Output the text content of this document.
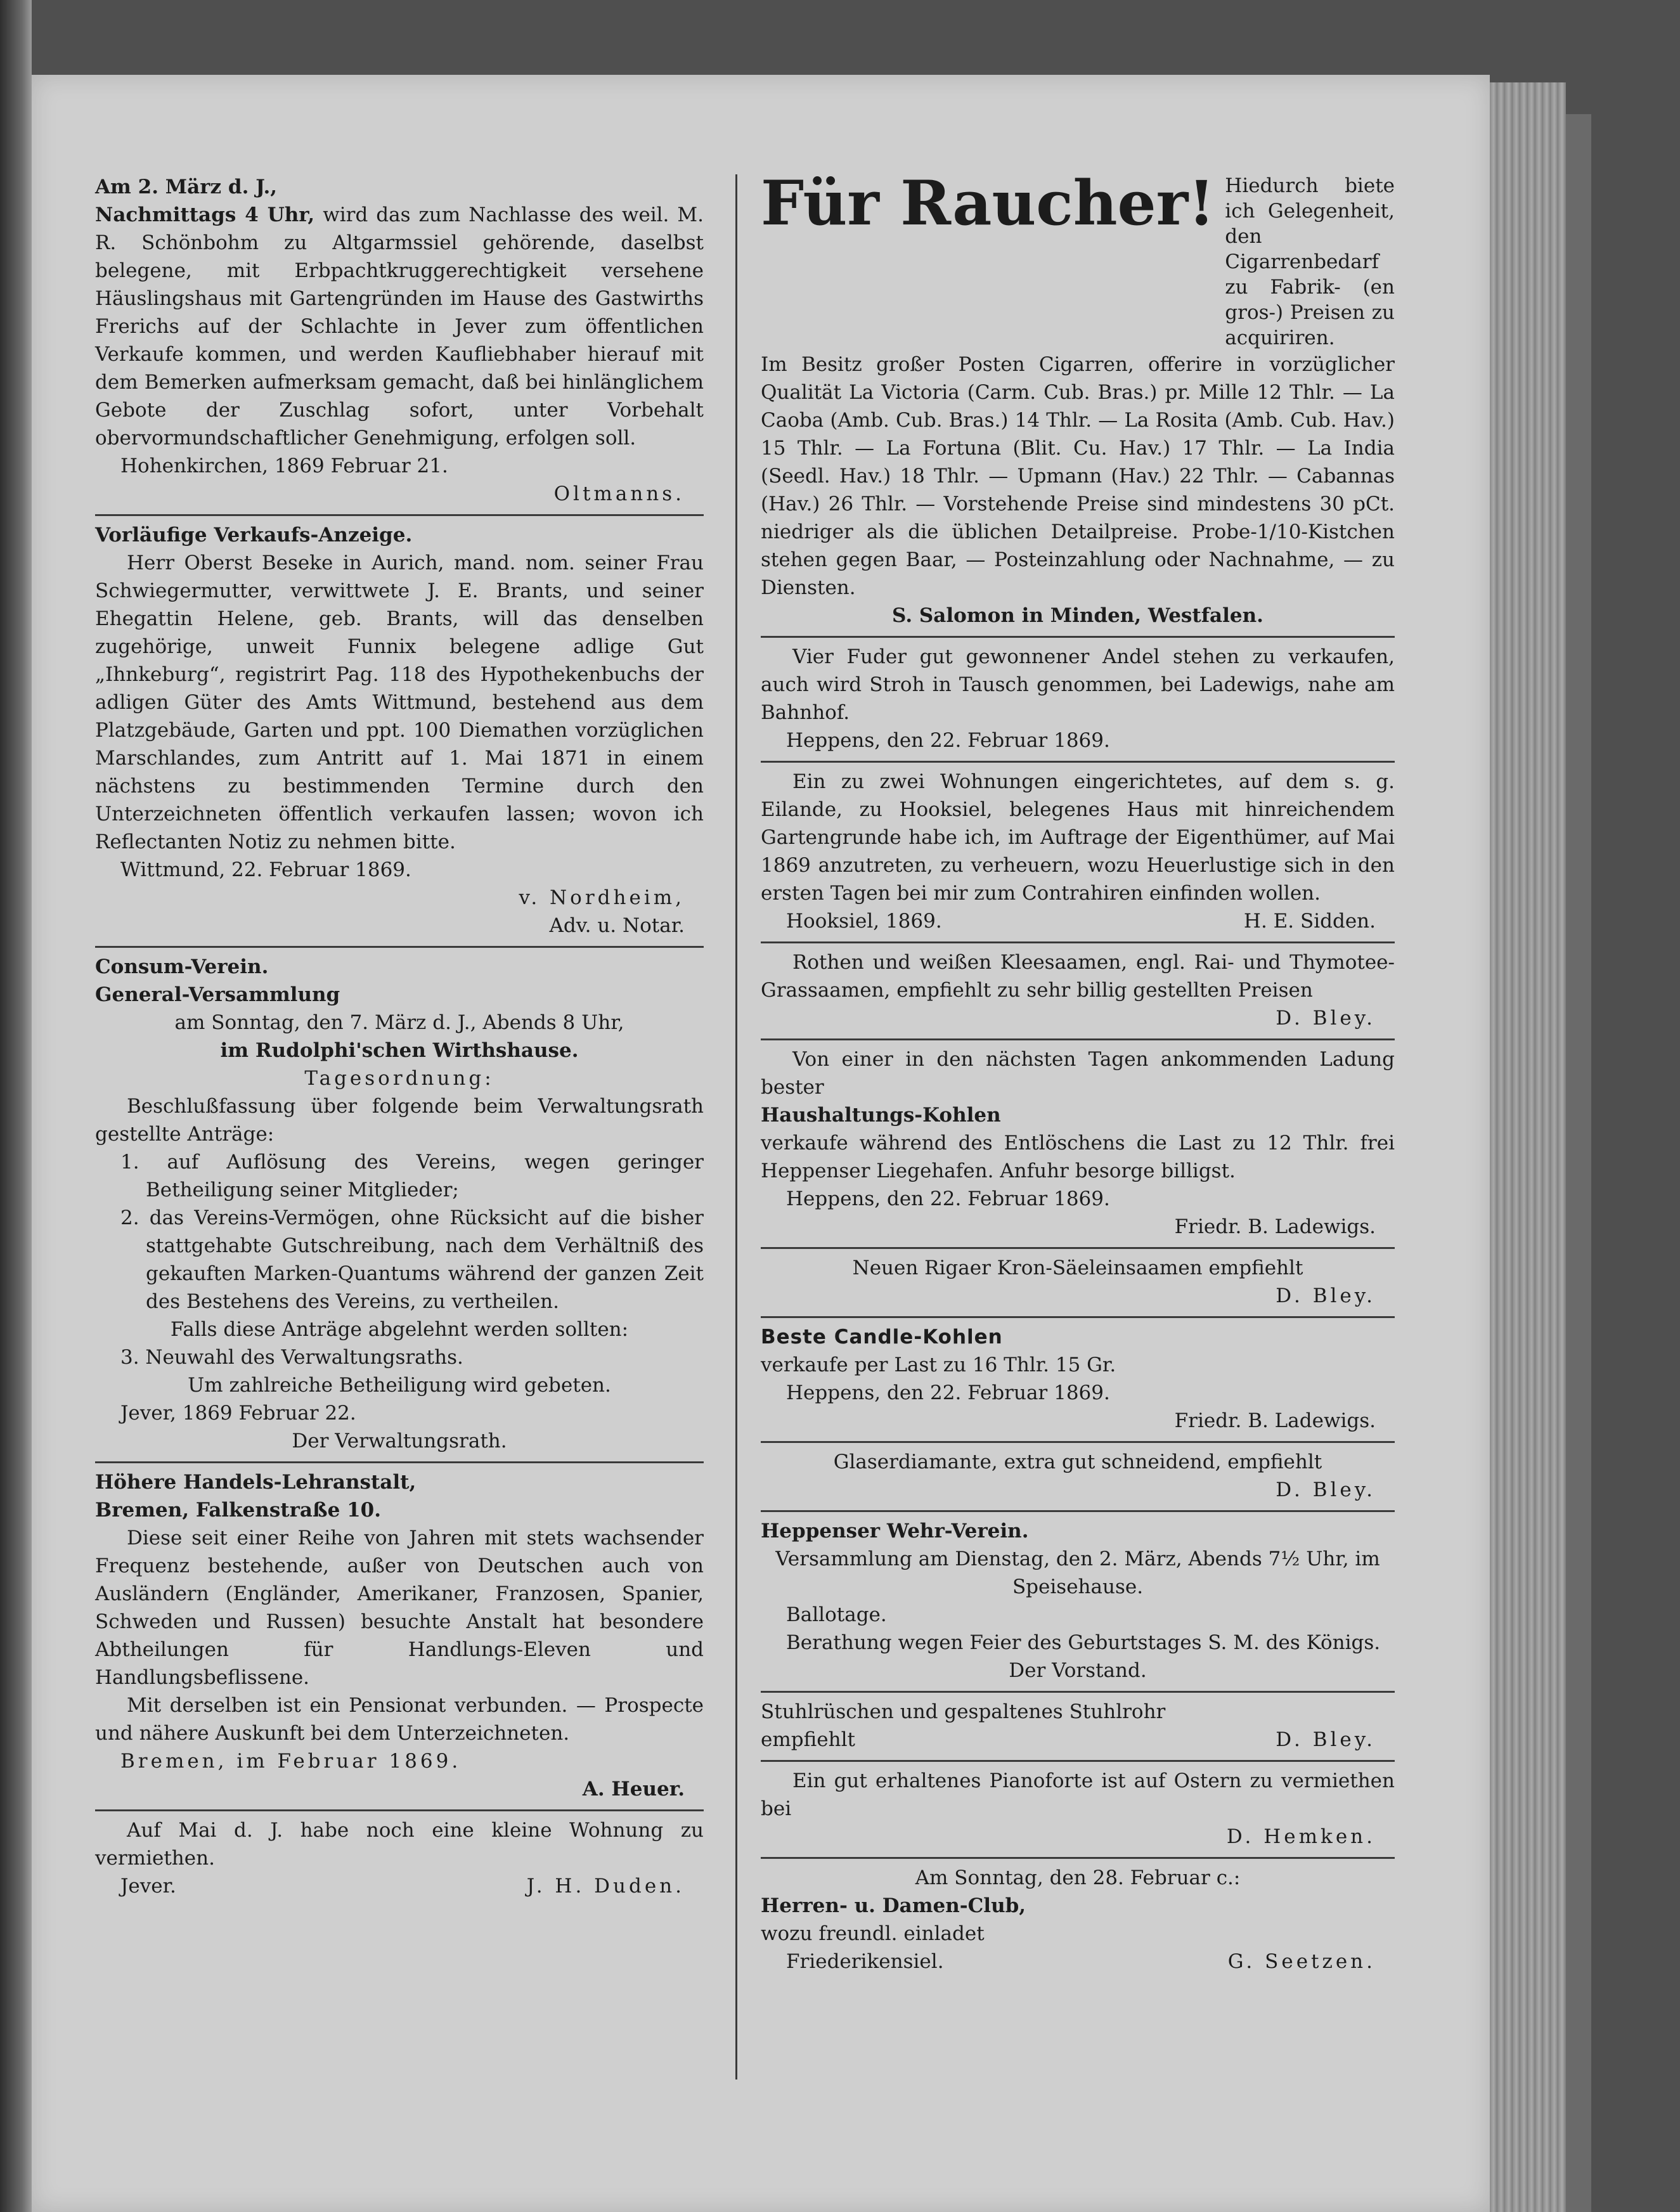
Am 2. März d. J.,

Nachmittags 4 Uhr, wird das zum Nachlasse des weil. M. R. Schönbohm zu Altgarmssiel gehörende, daselbst belegene, mit Erbpachtkruggerechtigkeit versehene Häuslingshaus mit Gartengründen im Hause des Gastwirths Frerichs auf der Schlachte in Jever zum öffentlichen Verkaufe kommen, und werden Kaufliebhaber hierauf mit dem Bemerken aufmerksam gemacht, daß bei hinlänglichem Gebote der Zuschlag sofort, unter Vorbehalt obervormundschaftlicher Genehmigung, erfolgen soll.

Hohenkirchen, 1869 Februar 21.

Oltmanns.

Vorläufige Verkaufs-Anzeige.

Herr Oberst Beseke in Aurich, mand. nom. seiner Frau Schwiegermutter, verwittwete J. E. Brants, und seiner Ehegattin Helene, geb. Brants, will das denselben zugehörige, unweit Funnix belegene adlige Gut „Ihnkeburg“, registrirt Pag. 118 des Hypothekenbuchs der adligen Güter des Amts Wittmund, bestehend aus dem Platzgebäude, Garten und ppt. 100 Diemathen vorzüglichen Marschlandes, zum Antritt auf 1. Mai 1871 in einem nächstens zu bestimmenden Termine durch den Unterzeichneten öffentlich verkaufen lassen; wovon ich Reflectanten Notiz zu nehmen bitte.

Wittmund, 22. Februar 1869.

v. Nordheim,

Adv. u. Notar.

Consum-Verein.

General-Versammlung

am Sonntag, den 7. März d. J., Abends 8 Uhr,

im Rudolphi'schen Wirthshause.

Tagesordnung:

Beschlußfassung über folgende beim Verwaltungsrath gestellte Anträge:

1. auf Auflösung des Vereins, wegen geringer Betheiligung seiner Mitglieder;

2. das Vereins-Vermögen, ohne Rücksicht auf die bisher stattgehabte Gutschreibung, nach dem Verhältniß des gekauften Marken-Quantums während der ganzen Zeit des Bestehens des Vereins, zu vertheilen.

Falls diese Anträge abgelehnt werden sollten:

3. Neuwahl des Verwaltungsraths.

Um zahlreiche Betheiligung wird gebeten.

Jever, 1869 Februar 22.

Der Verwaltungsrath.

Höhere Handels-Lehranstalt,

Bremen, Falkenstraße 10.

Diese seit einer Reihe von Jahren mit stets wachsender Frequenz bestehende, außer von Deutschen auch von Ausländern (Engländer, Amerikaner, Franzosen, Spanier, Schweden und Russen) besuchte Anstalt hat besondere Abtheilungen für Handlungs-Eleven und Handlungsbeflissene.

Mit derselben ist ein Pensionat verbunden. — Prospecte und nähere Auskunft bei dem Unterzeichneten.

Bremen, im Februar 1869.

A. Heuer.

Auf Mai d. J. habe noch eine kleine Wohnung zu vermiethen.

Jever.	J. H. Duden.
Für Raucher! Hiedurch biete ich Gelegenheit, den Cigarrenbedarf zu Fabrik- (en gros-) Preisen zu acquiriren.

Im Besitz großer Posten Cigarren, offerire in vorzüglicher Qualität La Victoria (Carm. Cub. Bras.) pr. Mille 12 Thlr. — La Caoba (Amb. Cub. Bras.) 14 Thlr. — La Rosita (Amb. Cub. Hav.) 15 Thlr. — La Fortuna (Blit. Cu. Hav.) 17 Thlr. — La India (Seedl. Hav.) 18 Thlr. — Upmann (Hav.) 22 Thlr. — Cabannas (Hav.) 26 Thlr. — Vorstehende Preise sind mindestens 30 pCt. niedriger als die üblichen Detailpreise. Probe-1/10-Kistchen stehen gegen Baar, — Posteinzahlung oder Nachnahme, — zu Diensten.

S. Salomon in Minden, Westfalen.

Vier Fuder gut gewonnener Andel stehen zu verkaufen, auch wird Stroh in Tausch genommen, bei Ladewigs, nahe am Bahnhof.

Heppens, den 22. Februar 1869.

Ein zu zwei Wohnungen eingerichtetes, auf dem s. g. Eilande, zu Hooksiel, belegenes Haus mit hinreichendem Gartengrunde habe ich, im Auftrage der Eigenthümer, auf Mai 1869 anzutreten, zu verheuern, wozu Heuerlustige sich in den ersten Tagen bei mir zum Contrahiren einfinden wollen.

Hooksiel, 1869.	H. E. Sidden.

Rothen und weißen Kleesaamen, engl. Rai- und Thymotee-Grassaamen, empfiehlt zu sehr billig gestellten Preisen

D. Bley.

Von einer in den nächsten Tagen ankommenden Ladung bester

Haushaltungs-Kohlen

verkaufe während des Entlöschens die Last zu 12 Thlr. frei Heppenser Liegehafen. Anfuhr besorge billigst.

Heppens, den 22. Februar 1869.

Friedr. B. Ladewigs.

Neuen Rigaer Kron-Säeleinsaamen empfiehlt

D. Bley.

Beste Candle-Kohlen

verkaufe per Last zu 16 Thlr. 15 Gr.

Heppens, den 22. Februar 1869.

Friedr. B. Ladewigs.

Glaserdiamante, extra gut schneidend, empfiehlt

D. Bley.

Heppenser Wehr-Verein.

Versammlung am Dienstag, den 2. März, Abends 7½ Uhr, im Speisehause.

Ballotage.

Berathung wegen Feier des Geburtstages S. M. des Königs.

Der Vorstand.

Stuhlrüschen und gespaltenes Stuhlrohr

empfiehlt	D. Bley.

Ein gut erhaltenes Pianoforte ist auf Ostern zu vermiethen bei

D. Hemken.

Am Sonntag, den 28. Februar c.:

Herren- u. Damen-Club,

wozu freundl. einladet

Friederikensiel.	G. Seetzen.
